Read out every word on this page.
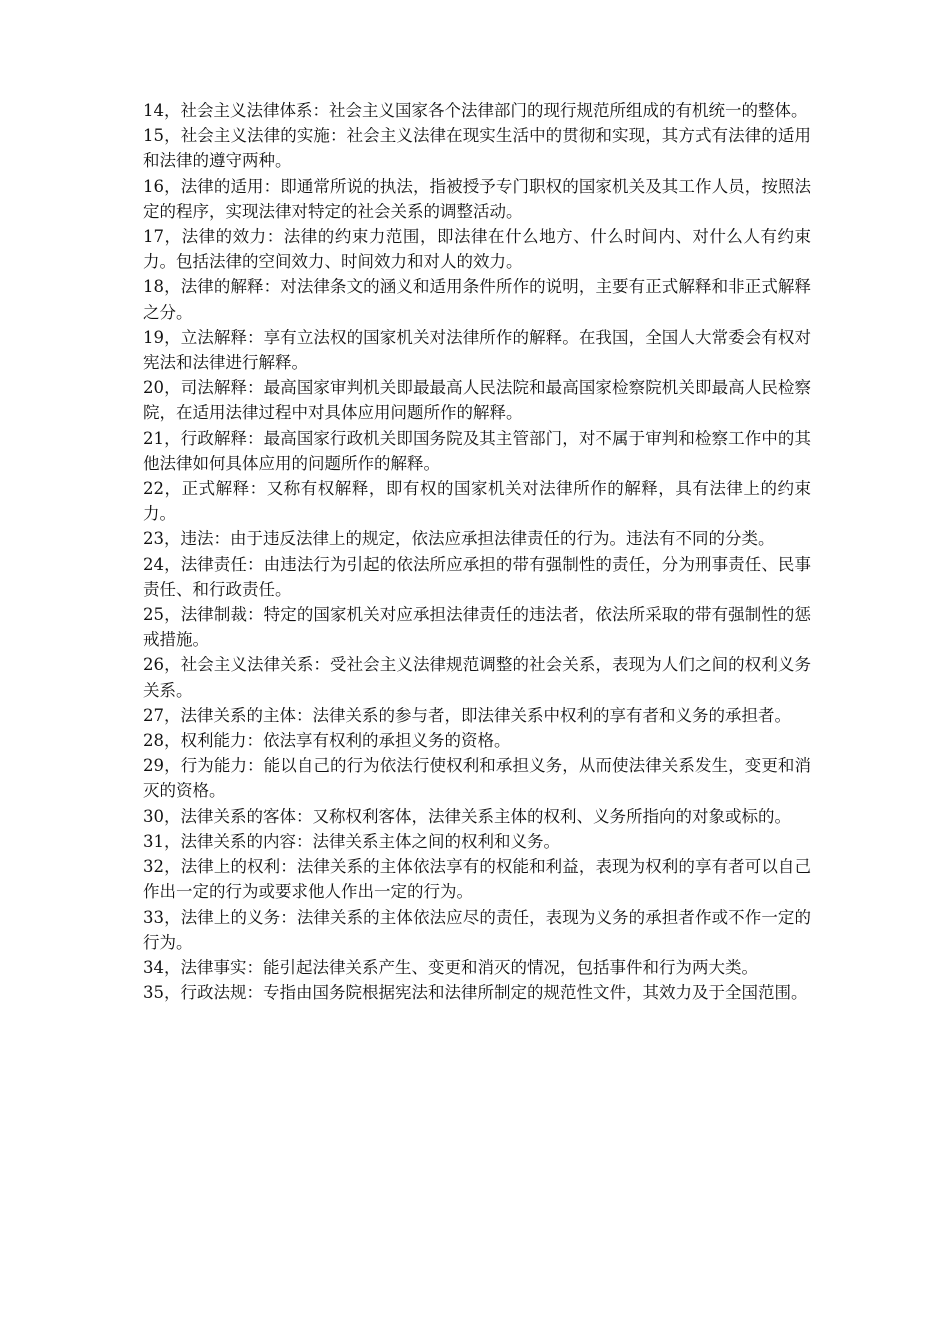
14，社会主义法律体系：社会主义国家各个法律部门的现行规范所组成的有机统一的整体。

15，社会主义法律的实施：社会主义法律在现实生活中的贯彻和实现，其方式有法律的适用和法律的遵守两种。

16，法律的适用：即通常所说的执法，指被授予专门职权的国家机关及其工作人员，按照法定的程序，实现法律对特定的社会关系的调整活动。

17，法律的效力：法律的约束力范围，即法律在什么地方、什么时间内、对什么人有约束力。包括法律的空间效力、时间效力和对人的效力。

18，法律的解释：对法律条文的涵义和适用条件所作的说明，主要有正式解释和非正式解释之分。

19，立法解释：享有立法权的国家机关对法律所作的解释。在我国，全国人大常委会有权对宪法和法律进行解释。

20，司法解释：最高国家审判机关即最最高人民法院和最高国家检察院机关即最高人民检察院，在适用法律过程中对具体应用问题所作的解释。

21，行政解释：最高国家行政机关即国务院及其主管部门，对不属于审判和检察工作中的其他法律如何具体应用的问题所作的解释。

22，正式解释：又称有权解释，即有权的国家机关对法律所作的解释，具有法律上的约束力。

23，违法：由于违反法律上的规定，依法应承担法律责任的行为。违法有不同的分类。

24，法律责任：由违法行为引起的依法所应承担的带有强制性的责任，分为刑事责任、民事责任、和行政责任。

25，法律制裁：特定的国家机关对应承担法律责任的违法者，依法所采取的带有强制性的惩戒措施。

26，社会主义法律关系：受社会主义法律规范调整的社会关系，表现为人们之间的权利义务关系。

27，法律关系的主体：法律关系的参与者，即法律关系中权利的享有者和义务的承担者。

28，权利能力：依法享有权利的承担义务的资格。

29，行为能力：能以自己的行为依法行使权利和承担义务，从而使法律关系发生，变更和消灭的资格。

30，法律关系的客体：又称权利客体，法律关系主体的权利、义务所指向的对象或标的。

31，法律关系的内容：法律关系主体之间的权利和义务。

32，法律上的权利：法律关系的主体依法享有的权能和利益，表现为权利的享有者可以自己作出一定的行为或要求他人作出一定的行为。

33，法律上的义务：法律关系的主体依法应尽的责任，表现为义务的承担者作或不作一定的行为。

34，法律事实：能引起法律关系产生、变更和消灭的情况，包括事件和行为两大类。

35，行政法规：专指由国务院根据宪法和法律所制定的规范性文件，其效力及于全国范围。
